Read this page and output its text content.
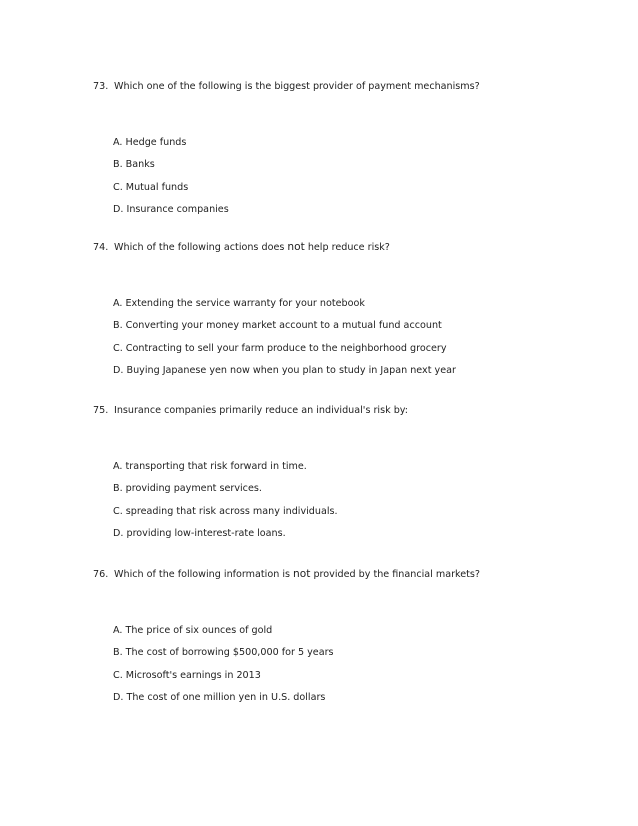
73. Which one of the following is the biggest provider of payment mechanisms?
A. Hedge funds
B. Banks
C. Mutual funds
D. Insurance companies
74. Which of the following actions does not help reduce risk?
A. Extending the service warranty for your notebook
B. Converting your money market account to a mutual fund account
C. Contracting to sell your farm produce to the neighborhood grocery
D. Buying Japanese yen now when you plan to study in Japan next year
75. Insurance companies primarily reduce an individual's risk by:
A. transporting that risk forward in time.
B. providing payment services.
C. spreading that risk across many individuals.
D. providing low-interest-rate loans.
76. Which of the following information is not provided by the financial markets?
A. The price of six ounces of gold
B. The cost of borrowing $500,000 for 5 years
C. Microsoft's earnings in 2013
D. The cost of one million yen in U.S. dollars
